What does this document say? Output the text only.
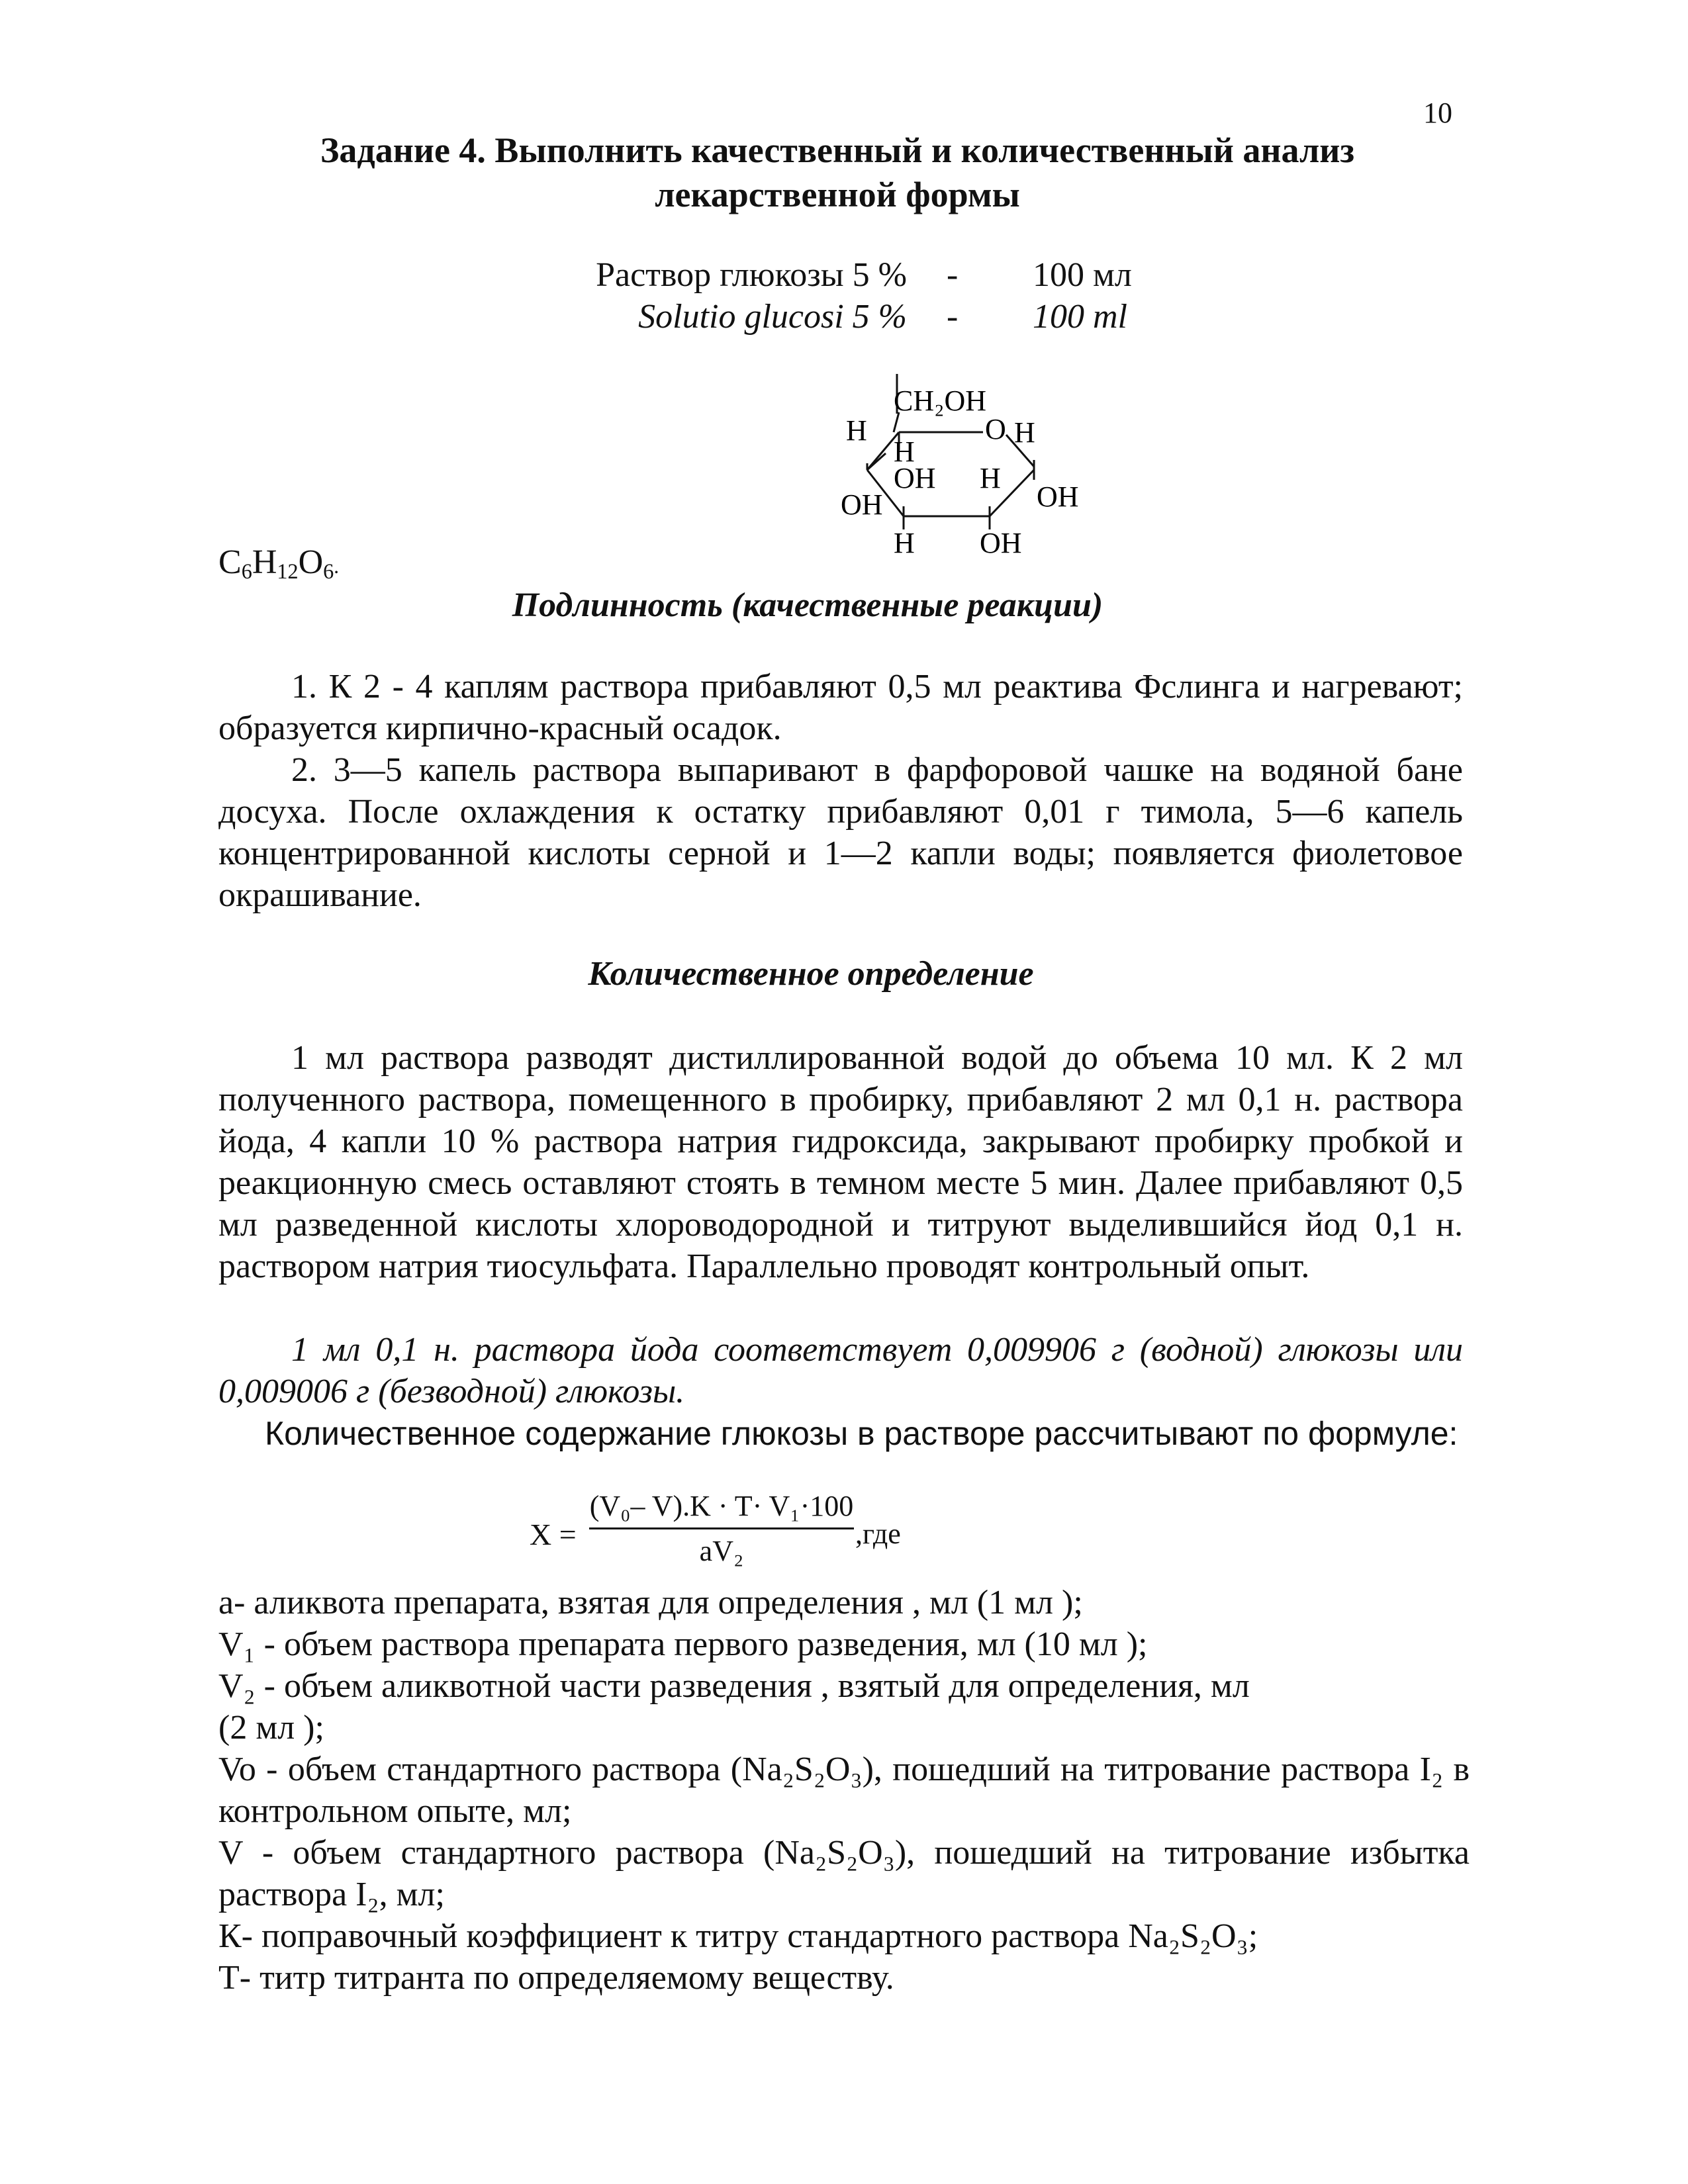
10
Задание 4. Выполнить качественный и количественный анализ
лекарственной формы
Раствор глюкозы 5 % - 100 мл
Solutio glucosi 5 % - 100 ml
CH₂OH
O
H	H
H
OH H
OH
OH
H OH
$C_6H_{12}O_6$.
Подлинность (качественные реакции)
1. К 2 - 4 каплям раствора прибавляют 0,5 мл реактива Фслинга и нагревают; образуется кирпично-красный осадок.
2. 3—5 капель раствора выпаривают в фарфоровой чашке на водяной бане досуха. После охлаждения к остатку прибавляют 0,01 г тимола, 5—6 капель концентрированной кислоты серной и 1—2 капли воды; появляется фиолетовое окрашивание.
Количественное определение
1 мл раствора разводят дистиллированной водой до объема 10 мл. К 2 мл полученного раствора, помещенного в пробирку, прибавляют 2 мл 0,1 н. раствора йода, 4 капли 10 % раствора натрия гидроксида, закрывают пробирку пробкой и реакционную смесь оставляют стоять в темном месте 5 мин. Далее прибавляют 0,5 мл разведенной кислоты хлороводородной и титруют выделившийся йод 0,1 н. раствором натрия тиосульфата. Параллельно проводят контрольный опыт.
1 мл 0,1 н. раствора йода соответствует 0,009906 г (водной) глюкозы или 0,009006 г (безводной) глюкозы.
Количественное содержание глюкозы в растворе рассчитывают по формуле:
X =
(V₀– V).K · T· V₁·100
aV₂
,где
a- аликвота препарата, взятая для определения , мл (1 мл );
V₁ - объем раствора препарата первого разведения, мл (10 мл );
V₂ - объем аликвотной части разведения , взятый для определения, мл
(2 мл );
Vo - объем стандартного раствора (Na₂S₂O₃), пошедший на титрование раствора I₂ в контрольном опыте, мл;
V - объем стандартного раствора (Na₂S₂O₃), пошедший на титрование избытка раствора I₂, мл;
К- поправочный коэффициент к титру стандартного раствора Na₂S₂O₃;
Т- титр титранта по определяемому веществу.
